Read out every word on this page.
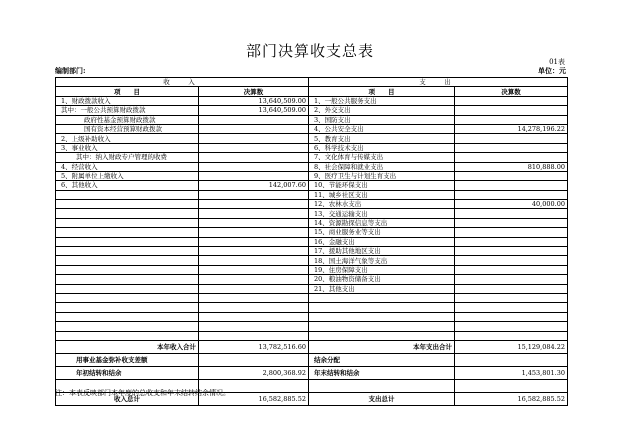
部门决算收支总表
01表
编制部门:	单位：元
收　入		支　出	
项　　目	决算数	项　　目	决算数
1、财政拨款收入	13,640,509.00	1、一般公共服务支出	
其中：一般公共预算财政拨款	13,640,509.00	2、外交支出	
政府性基金预算财政拨款		3、国防支出	
国有资本经营预算财政拨款		4、公共安全支出	14,278,196.22
2、上级补助收入		5、教育支出	
3、事业收入		6、科学技术支出	
其中：纳入财政专户管理的收费		7、文化体育与传媒支出	
4、经营收入		8、社会保障和就业支出	810,888.00
5、附属单位上缴收入		9、医疗卫生与计划生育支出	
6、其他收入	142,007.60	10、节能环保支出	
		11、城乡社区支出	
		12、农林水支出	40,000.00
		13、交通运输支出	
		14、资源勘探信息等支出	
		15、商业服务业等支出	
		16、金融支出	
		17、援助其他地区支出	
		18、国土海洋气象等支出	
		19、住房保障支出	
		20、粮油物资储备支出	
		21、其他支出	

本年收入合计	13,782,516.60	本年支出合计	15,129,084.22
用事业基金弥补收支差额		结余分配	
年初结转和结余	2,800,368.92	年末结转和结余	1,453,801.30

收入总计	16,582,885.52	支出总计	16,582,885.52
注：本表反映部门本年度的总收支和年末结转结余情况。
